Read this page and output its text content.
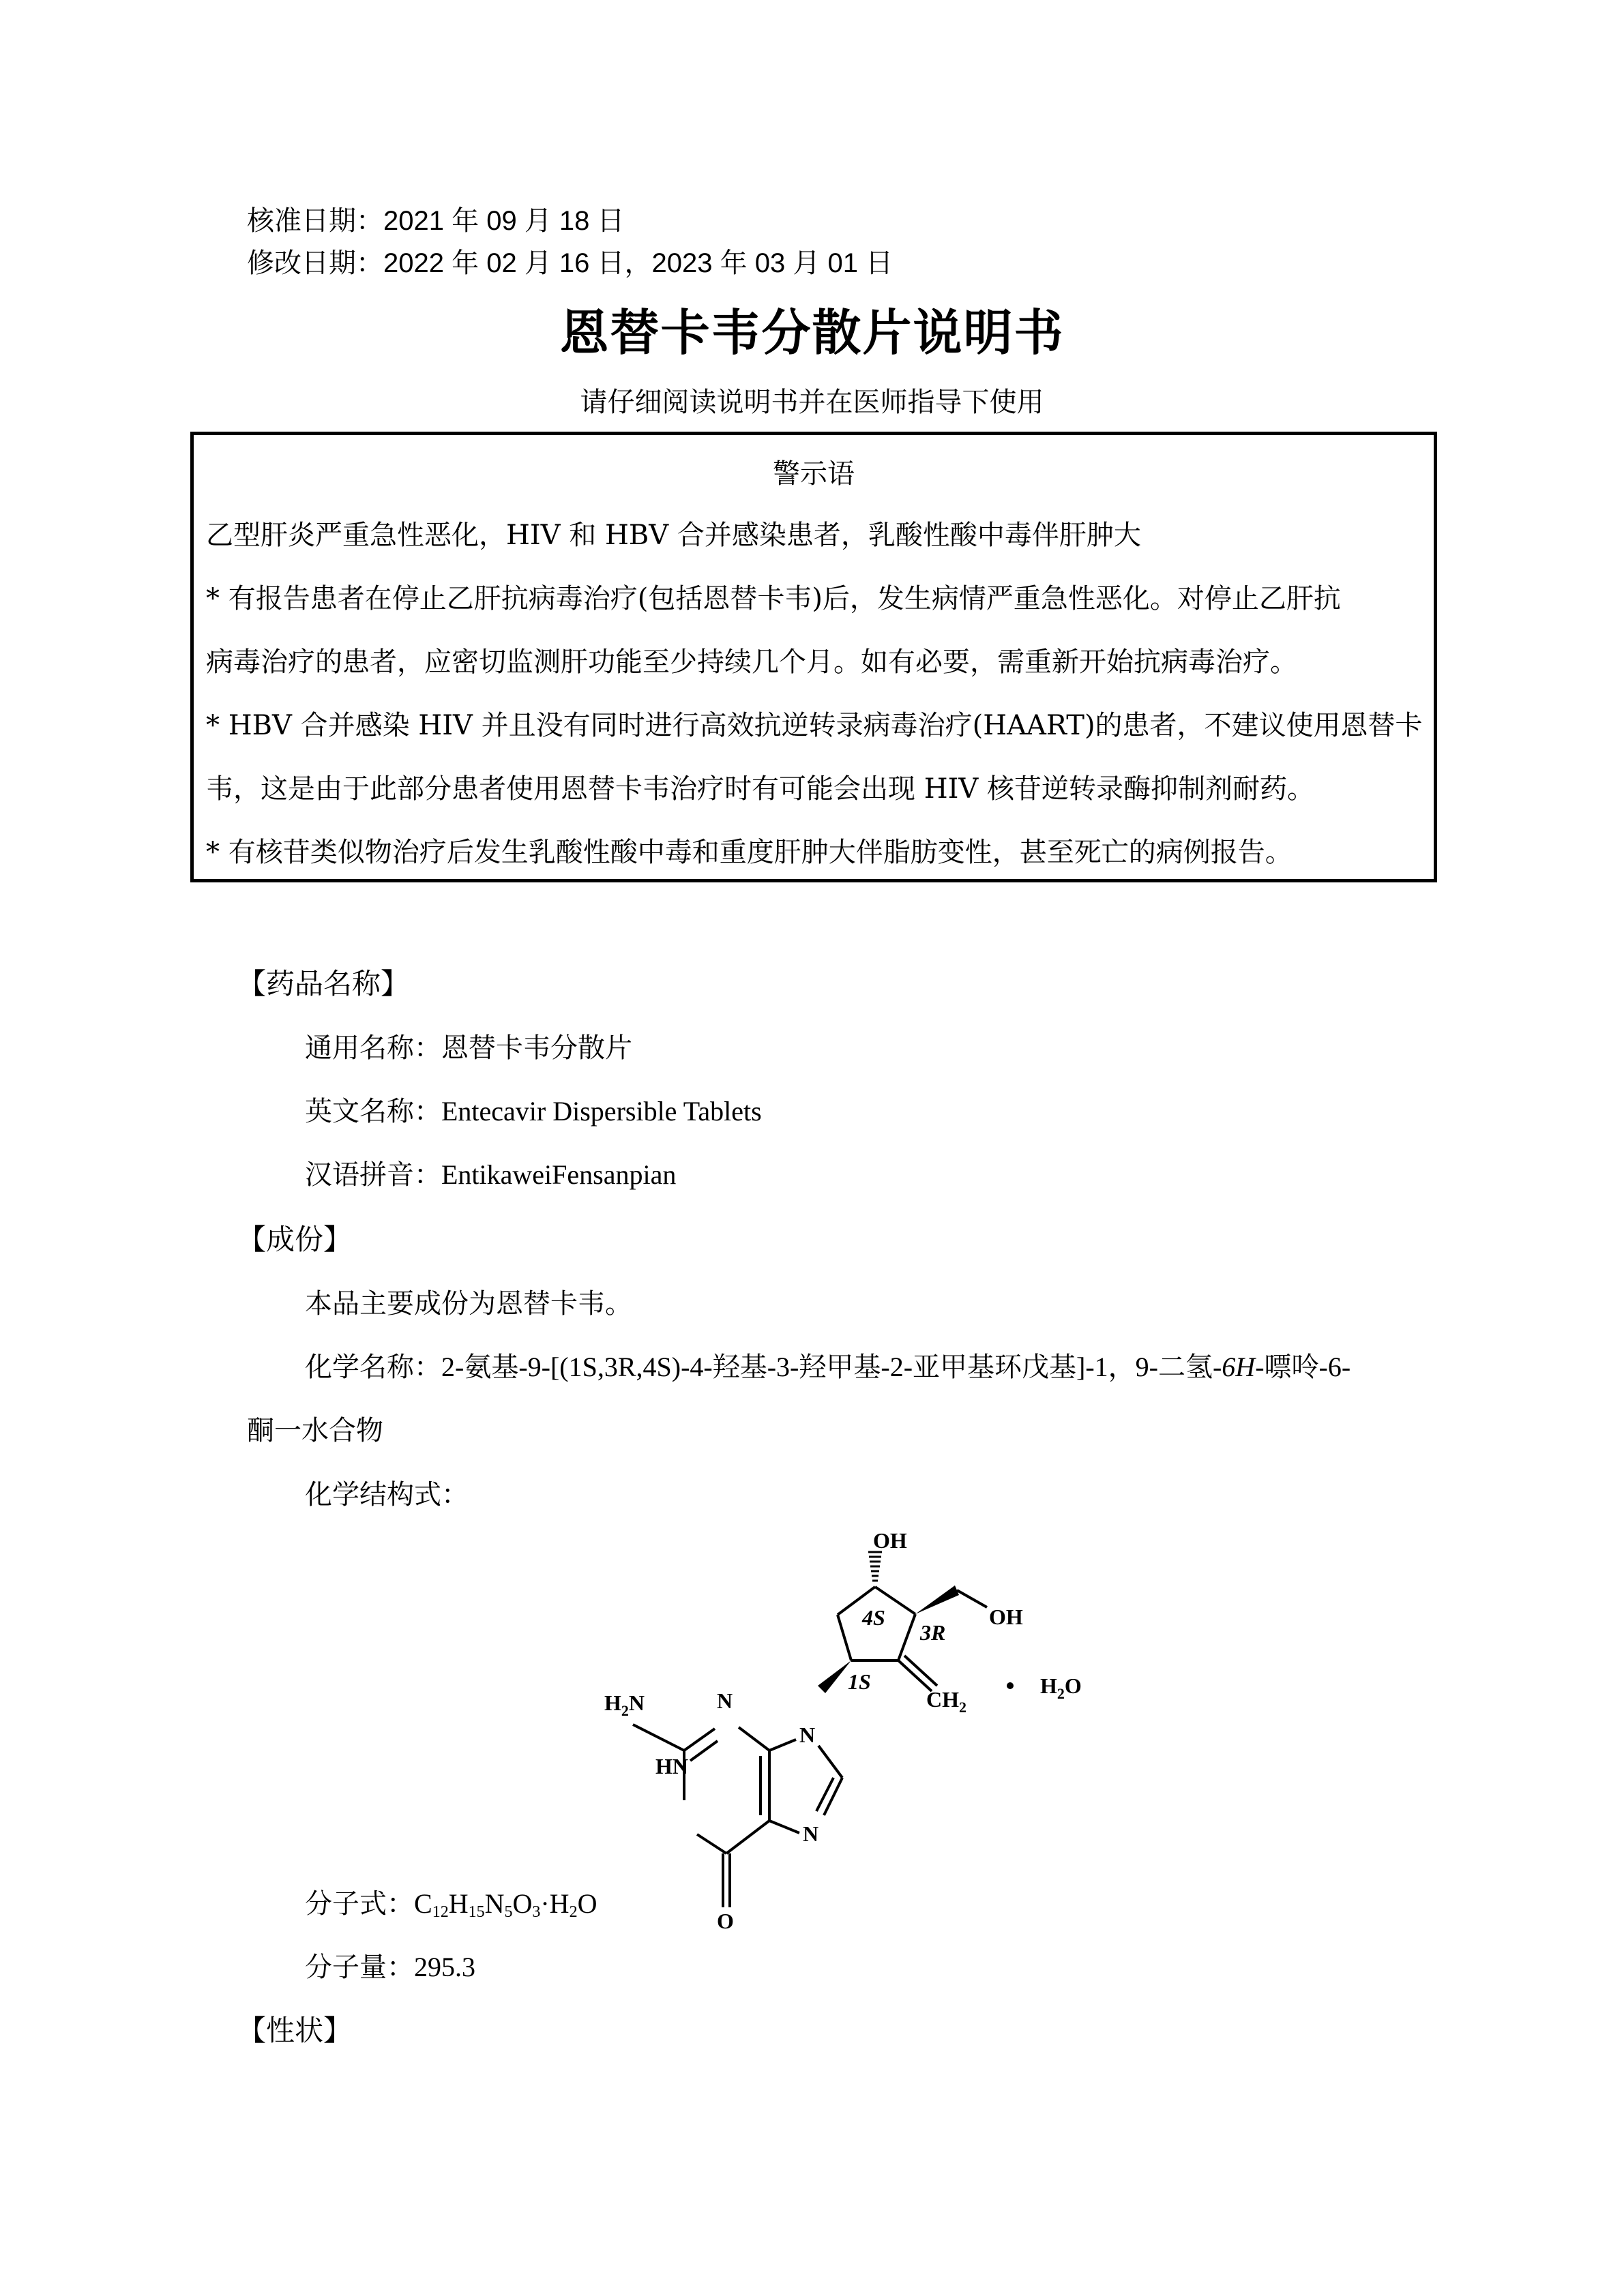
核准日期：2021 年 09 月 18 日
修改日期：2022 年 02 月 16 日，2023 年 03 月 01 日
恩替卡韦分散片说明书
请仔细阅读说明书并在医师指导下使用
警示语
乙型肝炎严重急性恶化，HIV 和 HBV 合并感染患者，乳酸性酸中毒伴肝肿大
* 有报告患者在停止乙肝抗病毒治疗(包括恩替卡韦)后，发生病情严重急性恶化。对停止乙肝抗
病毒治疗的患者，应密切监测肝功能至少持续几个月。如有必要，需重新开始抗病毒治疗。
* HBV 合并感染 HIV 并且没有同时进行高效抗逆转录病毒治疗(HAART)的患者，不建议使用恩替卡
韦，这是由于此部分患者使用恩替卡韦治疗时有可能会出现 HIV 核苷逆转录酶抑制剂耐药。
* 有核苷类似物治疗后发生乳酸性酸中毒和重度肝肿大伴脂肪变性，甚至死亡的病例报告。
【药品名称】
通用名称：恩替卡韦分散片
英文名称：Entecavir Dispersible Tablets
汉语拼音：EntikaweiFensanpian
【成份】
本品主要成份为恩替卡韦。
化学名称：2-氨基-9-[(1S,3R,4S)-4-羟基-3-羟甲基-2-亚甲基环戊基]-1，9-二氢-6H-嘌呤-6-
酮一水合物
化学结构式：
OH
OH
4S
3R
1S
$CH_2$
$H_2O$
$H_2N$	N
N
HN
N
O
分子式：$C_{12}H_{15}N_5O_3\cdot H_2O$
分子量：295.3
【性状】
